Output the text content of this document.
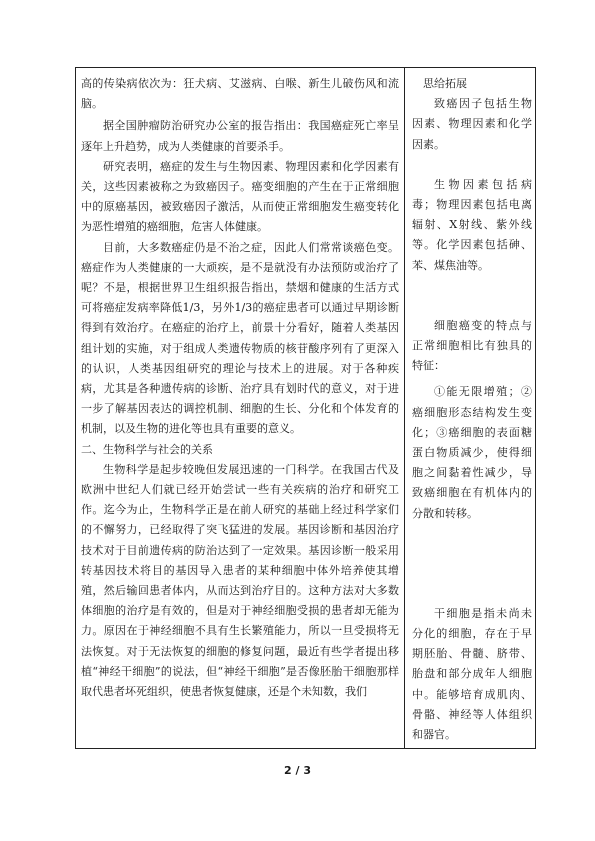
高的传染病依次为：狂犬病、艾滋病、白喉、新生儿破伤风和流脑。

据全国肿瘤防治研究办公室的报告指出：我国癌症死亡率呈逐年上升趋势，成为人类健康的首要杀手。

研究表明，癌症的发生与生物因素、物理因素和化学因素有关，这些因素被称之为致癌因子。癌变细胞的产生在于正常细胞中的原癌基因，被致癌因子激活，从而使正常细胞发生癌变转化为恶性增殖的癌细胞，危害人体健康。

目前，大多数癌症仍是不治之症，因此人们常常谈癌色变。癌症作为人类健康的一大顽疾，是不是就没有办法预防或治疗了呢？不是，根据世界卫生组织报告指出，禁烟和健康的生活方式可将癌症发病率降低1/3，另外1/3的癌症患者可以通过早期诊断得到有效治疗。在癌症的治疗上，前景十分看好，随着人类基因组计划的实施，对于组成人类遗传物质的核苷酸序列有了更深入的认识，人类基因组研究的理论与技术上的进展。对于各种疾病，尤其是各种遗传病的诊断、治疗具有划时代的意义，对于进一步了解基因表达的调控机制、细胞的生长、分化和个体发育的机制，以及生物的进化等也具有重要的意义。

二、生物科学与社会的关系

生物科学是起步较晚但发展迅速的一门科学。在我国古代及欧洲中世纪人们就已经开始尝试一些有关疾病的治疗和研究工作。迄今为止，生物科学正是在前人研究的基础上经过科学家们的不懈努力，已经取得了突飞猛进的发展。基因诊断和基因治疗技术对于目前遗传病的防治达到了一定效果。基因诊断一般采用转基因技术将目的基因导入患者的某种细胞中体外培养使其增殖，然后输回患者体内，从而达到治疗目的。这种方法对大多数体细胞的治疗是有效的，但是对于神经细胞受损的患者却无能为力。原因在于神经细胞不具有生长繁殖能力，所以一旦受损将无法恢复。对于无法恢复的细胞的修复问题，最近有些学者提出移植“神经干细胞”的说法，但“神经干细胞”是否像胚胎干细胞那样取代患者坏死组织，使患者恢复健康，还是个未知数，我们

思给拓展

致癌因子包括生物因素、物理因素和化学因素。

生物因素包括病毒；物理因素包括电离辐射、X射线、紫外线等。化学因素包括砷、苯、煤焦油等。

细胞癌变的特点与正常细胞相比有独具的特征：

①能无限增殖；②癌细胞形态结构发生变化；③癌细胞的表面糖蛋白物质减少，使得细胞之间黏着性减少，导致癌细胞在有机体内的分散和转移。

干细胞是指未尚未分化的细胞，存在于早期胚胎、骨髓、脐带、胎盘和部分成年人细胞中。能够培育成肌肉、骨骼、神经等人体组织和器官。

2 / 3
